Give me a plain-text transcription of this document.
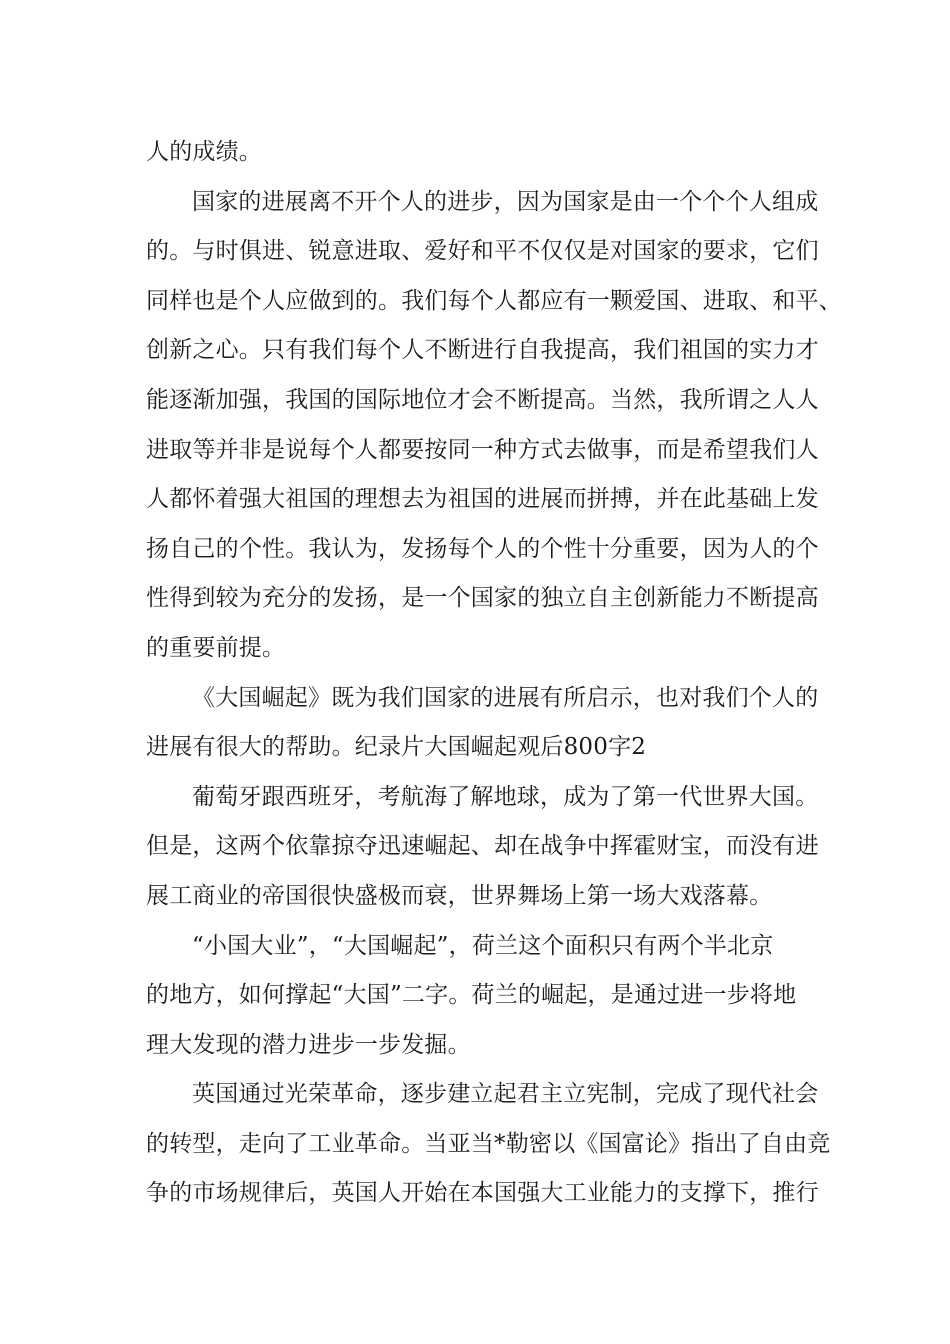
人的成绩。
国家的进展离不开个人的进步，因为国家是由一个个个人组成
的。与时俱进、锐意进取、爱好和平不仅仅是对国家的要求，它们
同样也是个人应做到的。我们每个人都应有一颗爱国、进取、和平、
创新之心。只有我们每个人不断进行自我提高，我们祖国的实力才
能逐渐加强，我国的国际地位才会不断提高。当然，我所谓之人人
进取等并非是说每个人都要按同一种方式去做事，而是希望我们人
人都怀着强大祖国的理想去为祖国的进展而拼搏，并在此基础上发
扬自己的个性。我认为，发扬每个人的个性十分重要，因为人的个
性得到较为充分的发扬，是一个国家的独立自主创新能力不断提高
的重要前提。
《大国崛起》既为我们国家的进展有所启示，也对我们个人的
进展有很大的帮助。纪录片大国崛起观后800字2
葡萄牙跟西班牙，考航海了解地球，成为了第一代世界大国。
但是，这两个依靠掠夺迅速崛起、却在战争中挥霍财宝，而没有进
展工商业的帝国很快盛极而衰，世界舞场上第一场大戏落幕。
“小国大业”，“大国崛起”，荷兰这个面积只有两个半北京
的地方，如何撑起“大国”二字。荷兰的崛起，是通过进一步将地
理大发现的潜力进步一步发掘。
英国通过光荣革命，逐步建立起君主立宪制，完成了现代社会
的转型，走向了工业革命。当亚当*勒密以《国富论》指出了自由竞
争的市场规律后，英国人开始在本国强大工业能力的支撑下，推行
